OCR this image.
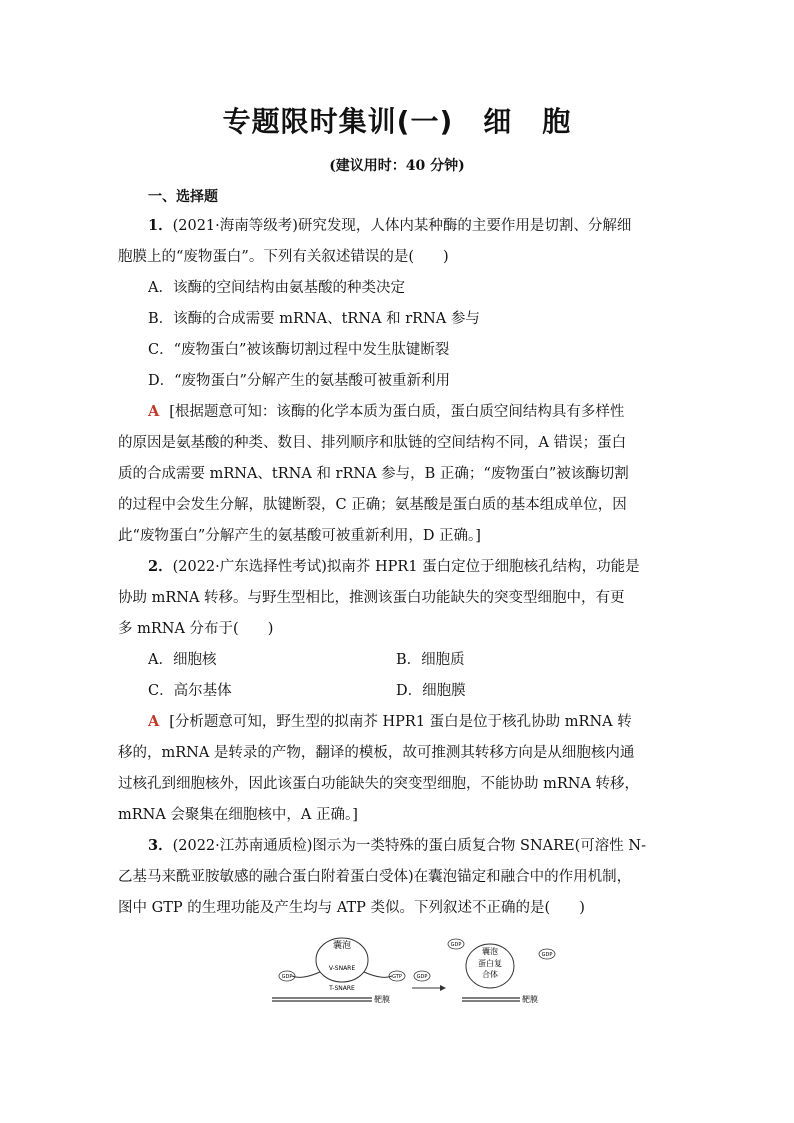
专题限时集训(一) 细 胞
(建议用时：40 分钟)
一、选择题
1．(2021·海南等级考)研究发现，人体内某种酶的主要作用是切割、分解细
胞膜上的“废物蛋白”。下列有关叙述错误的是(　　)
A．该酶的空间结构由氨基酸的种类决定
B．该酶的合成需要 mRNA、tRNA 和 rRNA 参与
C．“废物蛋白”被该酶切割过程中发生肽键断裂
D．“废物蛋白”分解产生的氨基酸可被重新利用
A [根据题意可知：该酶的化学本质为蛋白质，蛋白质空间结构具有多样性
的原因是氨基酸的种类、数目、排列顺序和肽链的空间结构不同，A 错误；蛋白
质的合成需要 mRNA、tRNA 和 rRNA 参与，B 正确；“废物蛋白”被该酶切割
的过程中会发生分解，肽键断裂，C 正确；氨基酸是蛋白质的基本组成单位，因
此“废物蛋白”分解产生的氨基酸可被重新利用，D 正确。]
2．(2022·广东选择性考试)拟南芥 HPR1 蛋白定位于细胞核孔结构，功能是
协助 mRNA 转移。与野生型相比，推测该蛋白功能缺失的突变型细胞中，有更
多 mRNA 分布于(　　)
A．细胞核	B．细胞质
C．高尔基体	D．细胞膜
A [分析题意可知，野生型的拟南芥 HPR1 蛋白是位于核孔协助 mRNA 转
移的，mRNA 是转录的产物，翻译的模板，故可推测其转移方向是从细胞核内通
过核孔到细胞核外，因此该蛋白功能缺失的突变型细胞，不能协助 mRNA 转移，
mRNA 会聚集在细胞核中，A 正确。]
3．(2022·江苏南通质检)图示为一类特殊的蛋白质复合物 SNARE(可溶性 N-
乙基马来酰亚胺敏感的融合蛋白附着蛋白受体)在囊泡锚定和融合中的作用机制，
图中 GTP 的生理功能及产生均与 ATP 类似。下列叙述不正确的是(　　)
囊泡
V-SNARE
GDP	GTP	GDP
T-SNARE
靶膜
囊泡
蛋白复
合体
GDP
GDP
靶膜
